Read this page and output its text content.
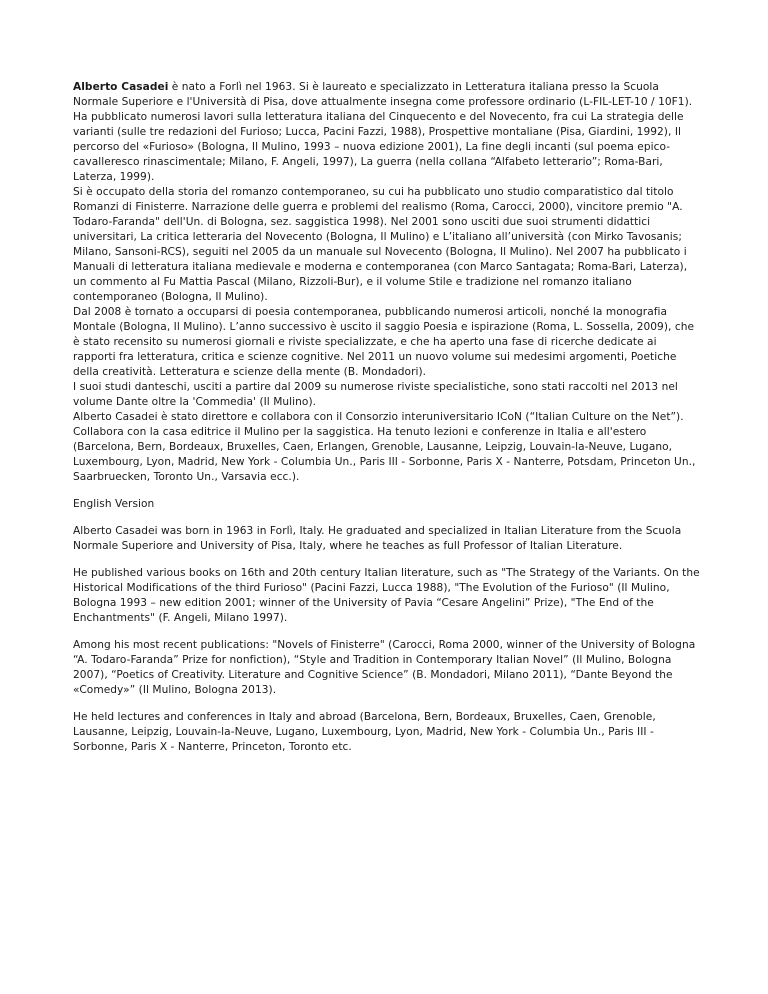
Alberto Casadei è nato a Forlì nel 1963. Si è laureato e specializzato in Letteratura italiana presso la Scuola Normale Superiore e l'Università di Pisa, dove attualmente insegna come professore ordinario (L-FIL-LET-10 / 10F1). Ha pubblicato numerosi lavori sulla letteratura italiana del Cinquecento e del Novecento, fra cui La strategia delle varianti (sulle tre redazioni del Furioso; Lucca, Pacini Fazzi, 1988), Prospettive montaliane (Pisa, Giardini, 1992), Il percorso del «Furioso» (Bologna, Il Mulino, 1993 – nuova edizione 2001), La fine degli incanti (sul poema epico-cavalleresco rinascimentale; Milano, F. Angeli, 1997), La guerra (nella collana “Alfabeto letterario”; Roma-Bari, Laterza, 1999).
Si è occupato della storia del romanzo contemporaneo, su cui ha pubblicato uno studio comparatistico dal titolo Romanzi di Finisterre. Narrazione delle guerra e problemi del realismo (Roma, Carocci, 2000), vincitore premio "A. Todaro-Faranda" dell'Un. di Bologna, sez. saggistica 1998). Nel 2001 sono usciti due suoi strumenti didattici universitari, La critica letteraria del Novecento (Bologna, Il Mulino) e L’italiano all’università (con Mirko Tavosanis; Milano, Sansoni-RCS), seguiti nel 2005 da un manuale sul Novecento (Bologna, Il Mulino). Nel 2007 ha pubblicato i Manuali di letteratura italiana medievale e moderna e contemporanea (con Marco Santagata; Roma-Bari, Laterza), un commento al Fu Mattia Pascal (Milano, Rizzoli-Bur), e il volume Stile e tradizione nel romanzo italiano contemporaneo (Bologna, Il Mulino).
Dal 2008 è tornato a occuparsi di poesia contemporanea, pubblicando numerosi articoli, nonché la monografia Montale (Bologna, Il Mulino). L’anno successivo è uscito il saggio Poesia e ispirazione (Roma, L. Sossella, 2009), che è stato recensito su numerosi giornali e riviste specializzate, e che ha aperto una fase di ricerche dedicate ai rapporti fra letteratura, critica e scienze cognitive. Nel 2011 un nuovo volume sui medesimi argomenti, Poetiche della creatività. Letteratura e scienze della mente (B. Mondadori).
I suoi studi danteschi, usciti a partire dal 2009 su numerose riviste specialistiche, sono stati raccolti nel 2013 nel volume Dante oltre la 'Commedia' (Il Mulino).
Alberto Casadei è stato direttore e collabora con il Consorzio interuniversitario ICoN (“Italian Culture on the Net”). Collabora con la casa editrice il Mulino per la saggistica. Ha tenuto lezioni e conferenze in Italia e all'estero (Barcelona, Bern, Bordeaux, Bruxelles, Caen, Erlangen, Grenoble, Lausanne, Leipzig, Louvain-la-Neuve, Lugano, Luxembourg, Lyon, Madrid, New York - Columbia Un., Paris III - Sorbonne, Paris X - Nanterre, Potsdam, Princeton Un., Saarbruecken, Toronto Un., Varsavia ecc.).

English Version

Alberto Casadei was born in 1963 in Forlì, Italy. He graduated and specialized in Italian Literature from the Scuola Normale Superiore and University of Pisa, Italy, where he teaches as full Professor of Italian Literature.

He published various books on 16th and 20th century Italian literature, such as "The Strategy of the Variants. On the Historical Modifications of the third Furioso" (Pacini Fazzi, Lucca 1988), "The Evolution of the Furioso" (Il Mulino, Bologna 1993 – new edition 2001; winner of the University of Pavia “Cesare Angelini” Prize), "The End of the Enchantments" (F. Angeli, Milano 1997).

Among his most recent publications: "Novels of Finisterre" (Carocci, Roma 2000, winner of the University of Bologna “A. Todaro-Faranda” Prize for nonfiction), “Style and Tradition in Contemporary Italian Novel” (Il Mulino, Bologna 2007), “Poetics of Creativity. Literature and Cognitive Science” (B. Mondadori, Milano 2011), “Dante Beyond the «Comedy»” (Il Mulino, Bologna 2013).

He held lectures and conferences in Italy and abroad (Barcelona, Bern, Bordeaux, Bruxelles, Caen, Grenoble, Lausanne, Leipzig, Louvain-la-Neuve, Lugano, Luxembourg, Lyon, Madrid, New York - Columbia Un., Paris III - Sorbonne, Paris X - Nanterre, Princeton, Toronto etc.
